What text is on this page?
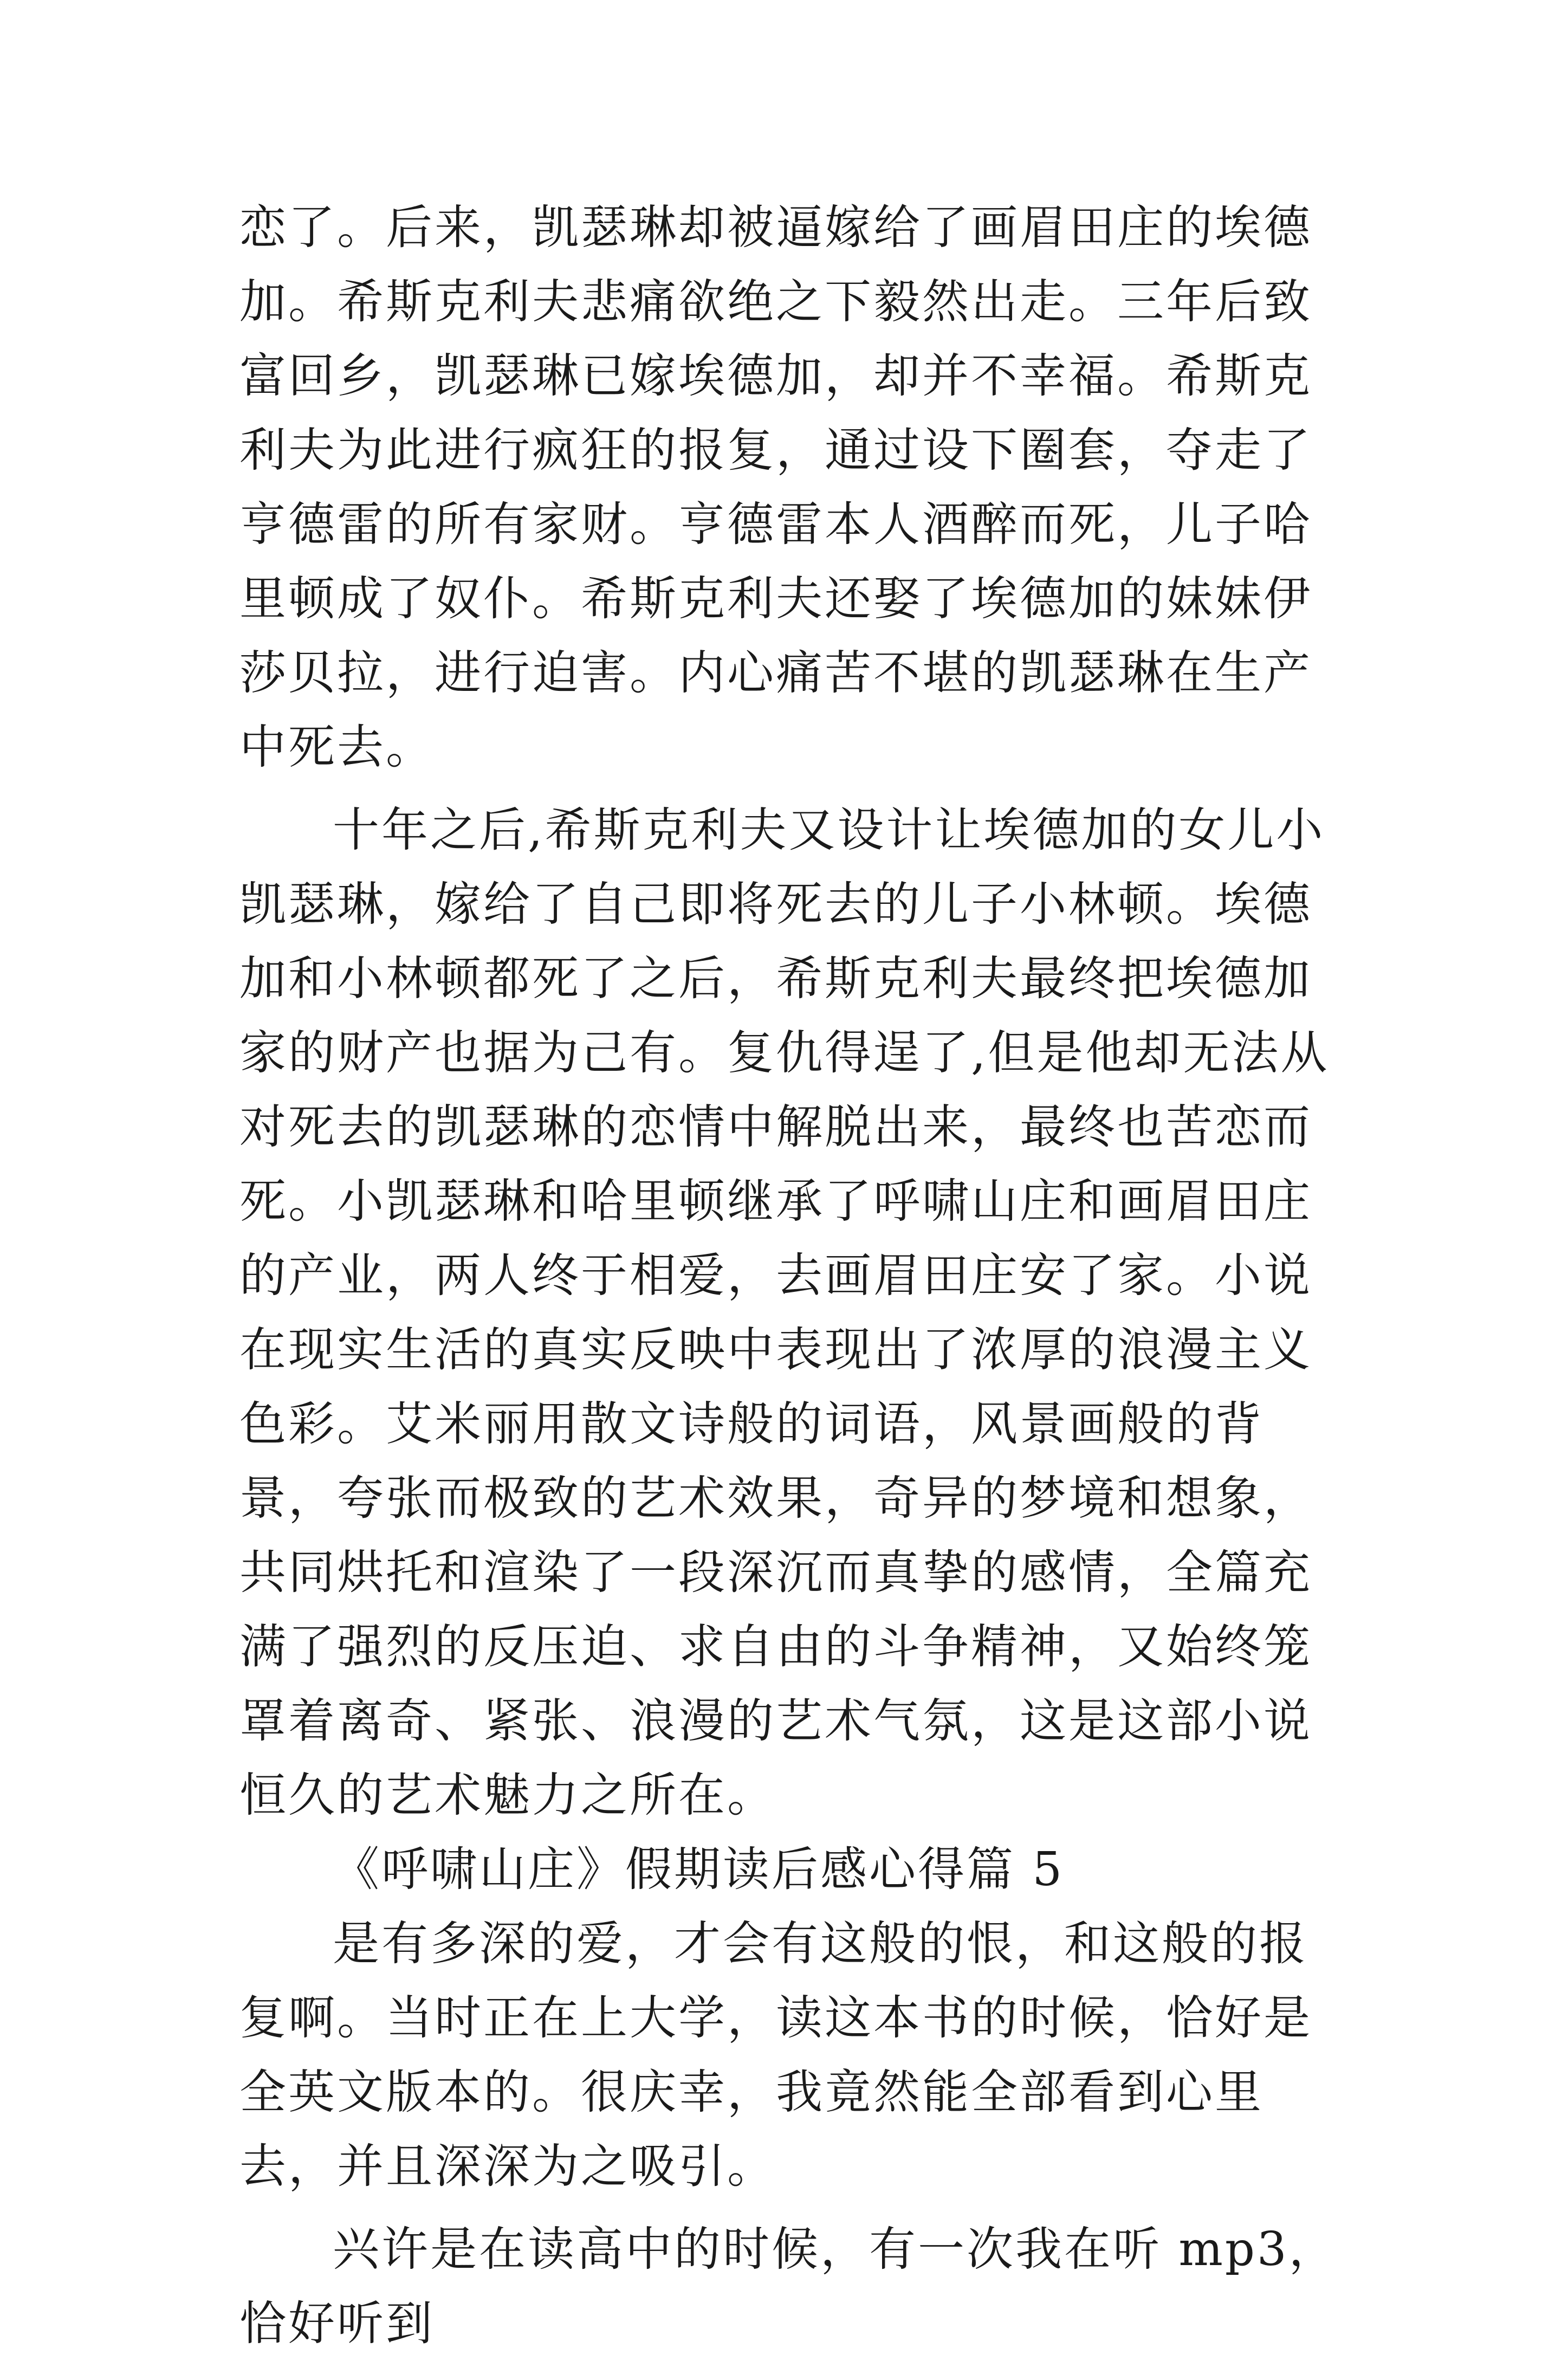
恋了。后来，凯瑟琳却被逼嫁给了画眉田庄的埃德加。希斯克利夫悲痛欲绝之下毅然出走。三年后致富回乡，凯瑟琳已嫁埃德加，却并不幸福。希斯克利夫为此进行疯狂的报复，通过设下圈套，夺走了亨德雷的所有家财。亨德雷本人酒醉而死，儿子哈里顿成了奴仆。希斯克利夫还娶了埃德加的妹妹伊莎贝拉，进行迫害。内心痛苦不堪的凯瑟琳在生产中死去。

十年之后,希斯克利夫又设计让埃德加的女儿小凯瑟琳，嫁给了自己即将死去的儿子小林顿。埃德加和小林顿都死了之后，希斯克利夫最终把埃德加家的财产也据为己有。复仇得逞了,但是他却无法从对死去的凯瑟琳的恋情中解脱出来，最终也苦恋而死。小凯瑟琳和哈里顿继承了呼啸山庄和画眉田庄的产业，两人终于相爱，去画眉田庄安了家。小说在现实生活的真实反映中表现出了浓厚的浪漫主义色彩。艾米丽用散文诗般的词语，风景画般的背景，夸张而极致的艺术效果，奇异的梦境和想象，共同烘托和渲染了一段深沉而真挚的感情，全篇充满了强烈的反压迫、求自由的斗争精神，又始终笼罩着离奇、紧张、浪漫的艺术气氛，这是这部小说恒久的艺术魅力之所在。

《呼啸山庄》假期读后感心得篇 5

是有多深的爱，才会有这般的恨，和这般的报复啊。当时正在上大学，读这本书的时候，恰好是全英文版本的。很庆幸，我竟然能全部看到心里去，并且深深为之吸引。

兴许是在读高中的时候，有一次我在听 mp3，恰好听到
